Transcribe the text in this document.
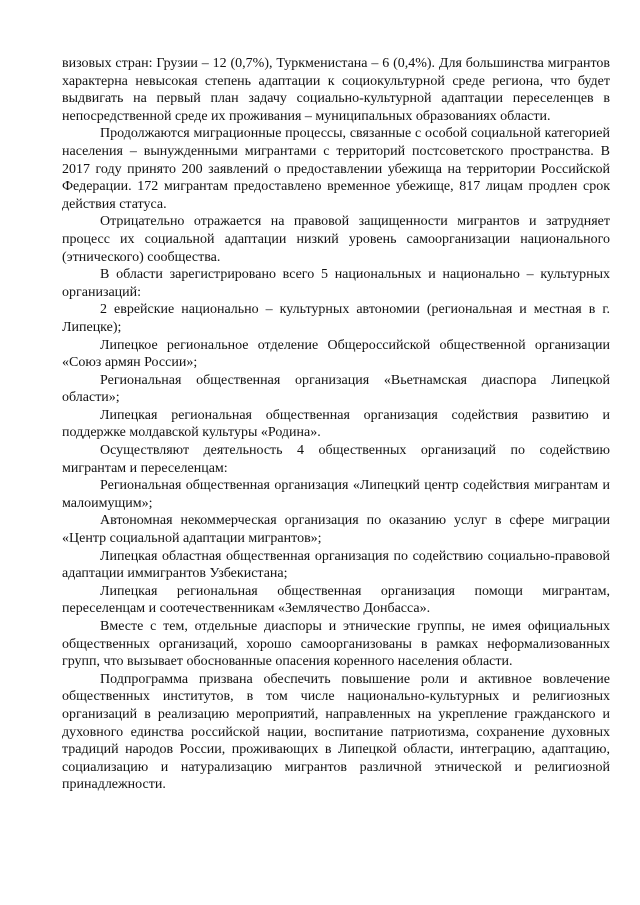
визовых стран: Грузии – 12 (0,7%), Туркменистана – 6 (0,4%). Для большинства мигрантов характерна невысокая степень адаптации к социокультурной среде региона, что будет выдвигать на первый план задачу социально-культурной адаптации переселенцев в непосредственной среде их проживания – муниципальных образованиях области.

Продолжаются миграционные процессы, связанные с особой социальной категорией населения – вынужденными мигрантами с территорий постсоветского пространства. В 2017 году принято 200 заявлений о предоставлении убежища на территории Российской Федерации. 172 мигрантам предоставлено временное убежище, 817 лицам продлен срок действия статуса.

Отрицательно отражается на правовой защищенности мигрантов и затрудняет процесс их социальной адаптации низкий уровень самоорганизации национального (этнического) сообщества.

В области зарегистрировано всего 5 национальных и национально – культурных организаций:

2 еврейские национально – культурных автономии (региональная и местная в г. Липецке);

Липецкое региональное отделение Общероссийской общественной организации «Союз армян России»;

Региональная общественная организация «Вьетнамская диаспора Липецкой области»;

Липецкая региональная общественная организация содействия развитию и поддержке молдавской культуры «Родина».

Осуществляют деятельность 4 общественных организаций по содействию мигрантам и переселенцам:

Региональная общественная организация «Липецкий центр содействия мигрантам и малоимущим»;

Автономная некоммерческая организация по оказанию услуг в сфере миграции «Центр социальной адаптации мигрантов»;

Липецкая областная общественная организация по содействию социально-правовой адаптации иммигрантов Узбекистана;

Липецкая региональная общественная организация помощи мигрантам, переселенцам и соотечественникам «Землячество Донбасса».

Вместе с тем, отдельные диаспоры и этнические группы, не имея официальных общественных организаций, хорошо самоорганизованы в рамках неформализованных групп, что вызывает обоснованные опасения коренного населения области.

Подпрограмма призвана обеспечить повышение роли и активное вовлечение общественных институтов, в том числе национально-культурных и религиозных организаций в реализацию мероприятий, направленных на укрепление гражданского и духовного единства российской нации, воспитание патриотизма, сохранение духовных традиций народов России, проживающих в Липецкой области, интеграцию, адаптацию, социализацию и натурализацию мигрантов различной этнической и религиозной принадлежности.
